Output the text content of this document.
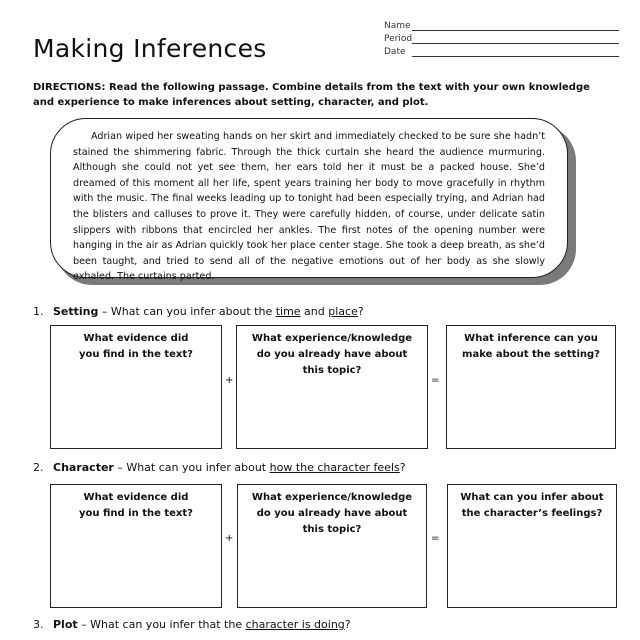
Making Inferences
Name
Period
Date
DIRECTIONS: Read the following passage. Combine details from the text with your own knowledge and experience to make inferences about setting, character, and plot.

Adrian wiped her sweating hands on her skirt and immediately checked to be sure she hadn’t stained the shimmering fabric. Through the thick curtain she heard the audience murmuring. Although she could not yet see them, her ears told her it must be a packed house. She’d dreamed of this moment all her life, spent years training her body to move gracefully in rhythm with the music. The final weeks leading up to tonight had been especially trying, and Adrian had the blisters and calluses to prove it. They were carefully hidden, of course, under delicate satin slippers with ribbons that encircled her ankles. The first notes of the opening number were hanging in the air as Adrian quickly took her place center stage. She took a deep breath, as she’d been taught, and tried to send all of the negative emotions out of her body as she slowly exhaled. The curtains parted.

1. Setting – What can you infer about the time and place?
What evidence did you find in the text?
+
What experience/knowledge do you already have about this topic?
=
What inference can you make about the setting?
2. Character – What can you infer about how the character feels?
What evidence did you find in the text?
+
What experience/knowledge do you already have about this topic?
=
What can you infer about the character’s feelings?
3. Plot – What can you infer that the character is doing?
